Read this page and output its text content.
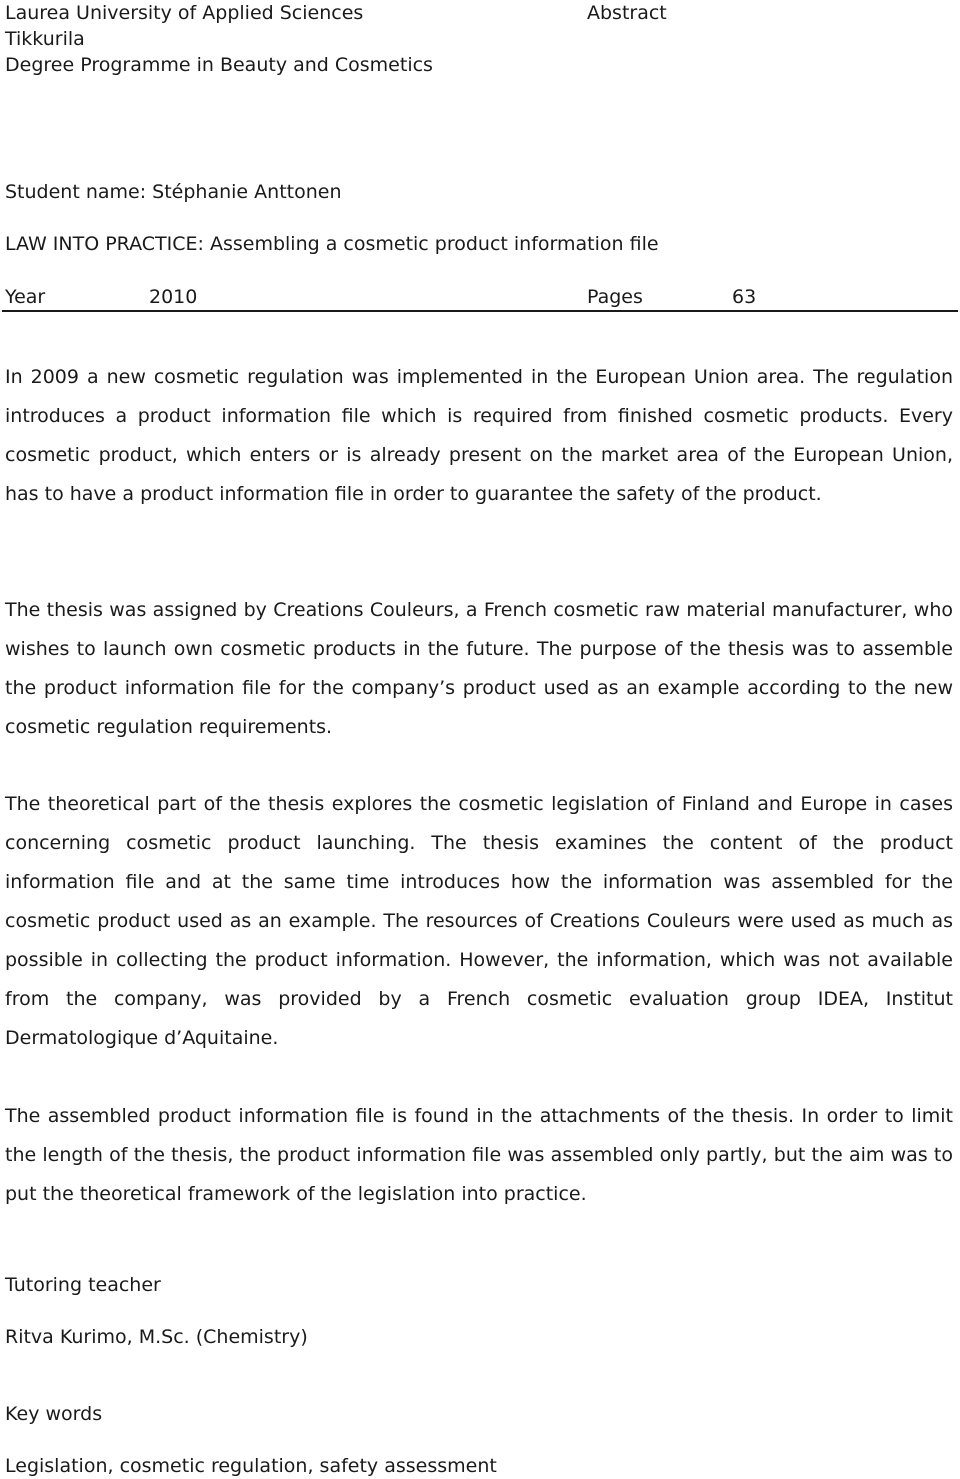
Laurea University of Applied Sciences
Tikkurila
Degree Programme in Beauty and Cosmetics
Abstract
Student name: Stéphanie Anttonen
LAW INTO PRACTICE: Assembling a cosmetic product information file
Year	2010	Pages	63

In 2009 a new cosmetic regulation was implemented in the European Union area. The regulation introduces a product information file which is required from finished cosmetic products. Every cosmetic product, which enters or is already present on the market area of the European Union, has to have a product information file in order to guarantee the safety of the product.

The thesis was assigned by Creations Couleurs, a French cosmetic raw material manufacturer, who wishes to launch own cosmetic products in the future. The purpose of the thesis was to assemble the product information file for the company’s product used as an example according to the new cosmetic regulation requirements.

The theoretical part of the thesis explores the cosmetic legislation of Finland and Europe in cases concerning cosmetic product launching. The thesis examines the content of the product information file and at the same time introduces how the information was assembled for the cosmetic product used as an example. The resources of Creations Couleurs were used as much as possible in collecting the product information. However, the information, which was not available from the company, was provided by a French cosmetic evaluation group IDEA, Institut Dermatologique d’Aquitaine.

The assembled product information file is found in the attachments of the thesis. In order to limit the length of the thesis, the product information file was assembled only partly, but the aim was to put the theoretical framework of the legislation into practice.

Tutoring teacher
Ritva Kurimo, M.Sc. (Chemistry)
Key words
Legislation, cosmetic regulation, safety assessment
